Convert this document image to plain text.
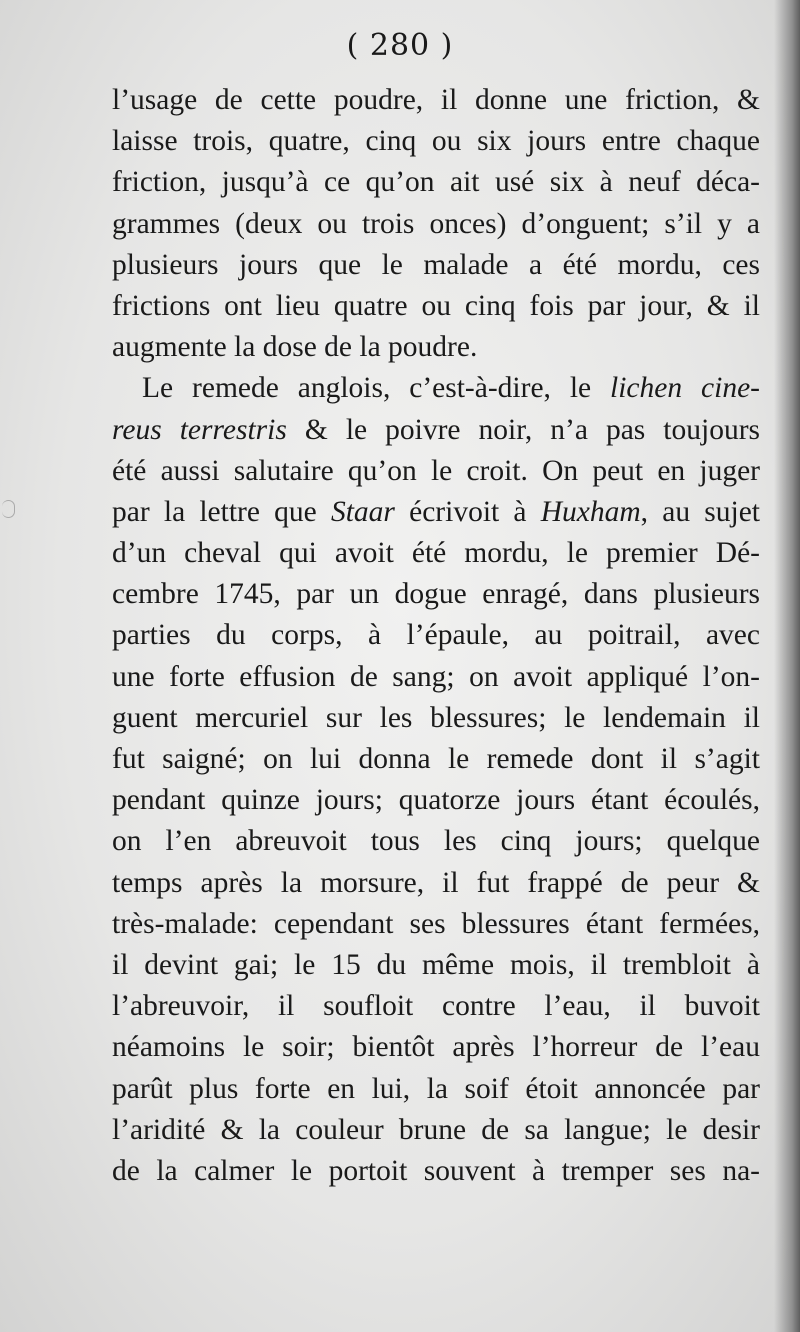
( 280 )
l’usage de cette poudre, il donne une friction, &
laisse trois, quatre, cinq ou six jours entre chaque
friction, jusqu’à ce qu’on ait usé six à neuf déca-
grammes (deux ou trois onces) d’onguent; s’il y a
plusieurs jours que le malade a été mordu, ces
frictions ont lieu quatre ou cinq fois par jour, & il
augmente la dose de la poudre.
Le remede anglois, c’est-à-dire, le lichen cine-
reus terrestris & le poivre noir, n’a pas toujours
été aussi salutaire qu’on le croit. On peut en juger
par la lettre que Staar écrivoit à Huxham, au sujet
d’un cheval qui avoit été mordu, le premier Dé-
cembre 1745, par un dogue enragé, dans plusieurs
parties du corps, à l’épaule, au poitrail, avec
une forte effusion de sang; on avoit appliqué l’on-
guent mercuriel sur les blessures; le lendemain il
fut saigné; on lui donna le remede dont il s’agit
pendant quinze jours; quatorze jours étant écoulés,
on l’en abreuvoit tous les cinq jours; quelque
temps après la morsure, il fut frappé de peur &
très-malade: cependant ses blessures étant fermées,
il devint gai; le 15 du même mois, il trembloit à
l’abreuvoir, il soufloit contre l’eau, il buvoit
néamoins le soir; bientôt après l’horreur de l’eau
parût plus forte en lui, la soif étoit annoncée par
l’aridité & la couleur brune de sa langue; le desir
de la calmer le portoit souvent à tremper ses na-
